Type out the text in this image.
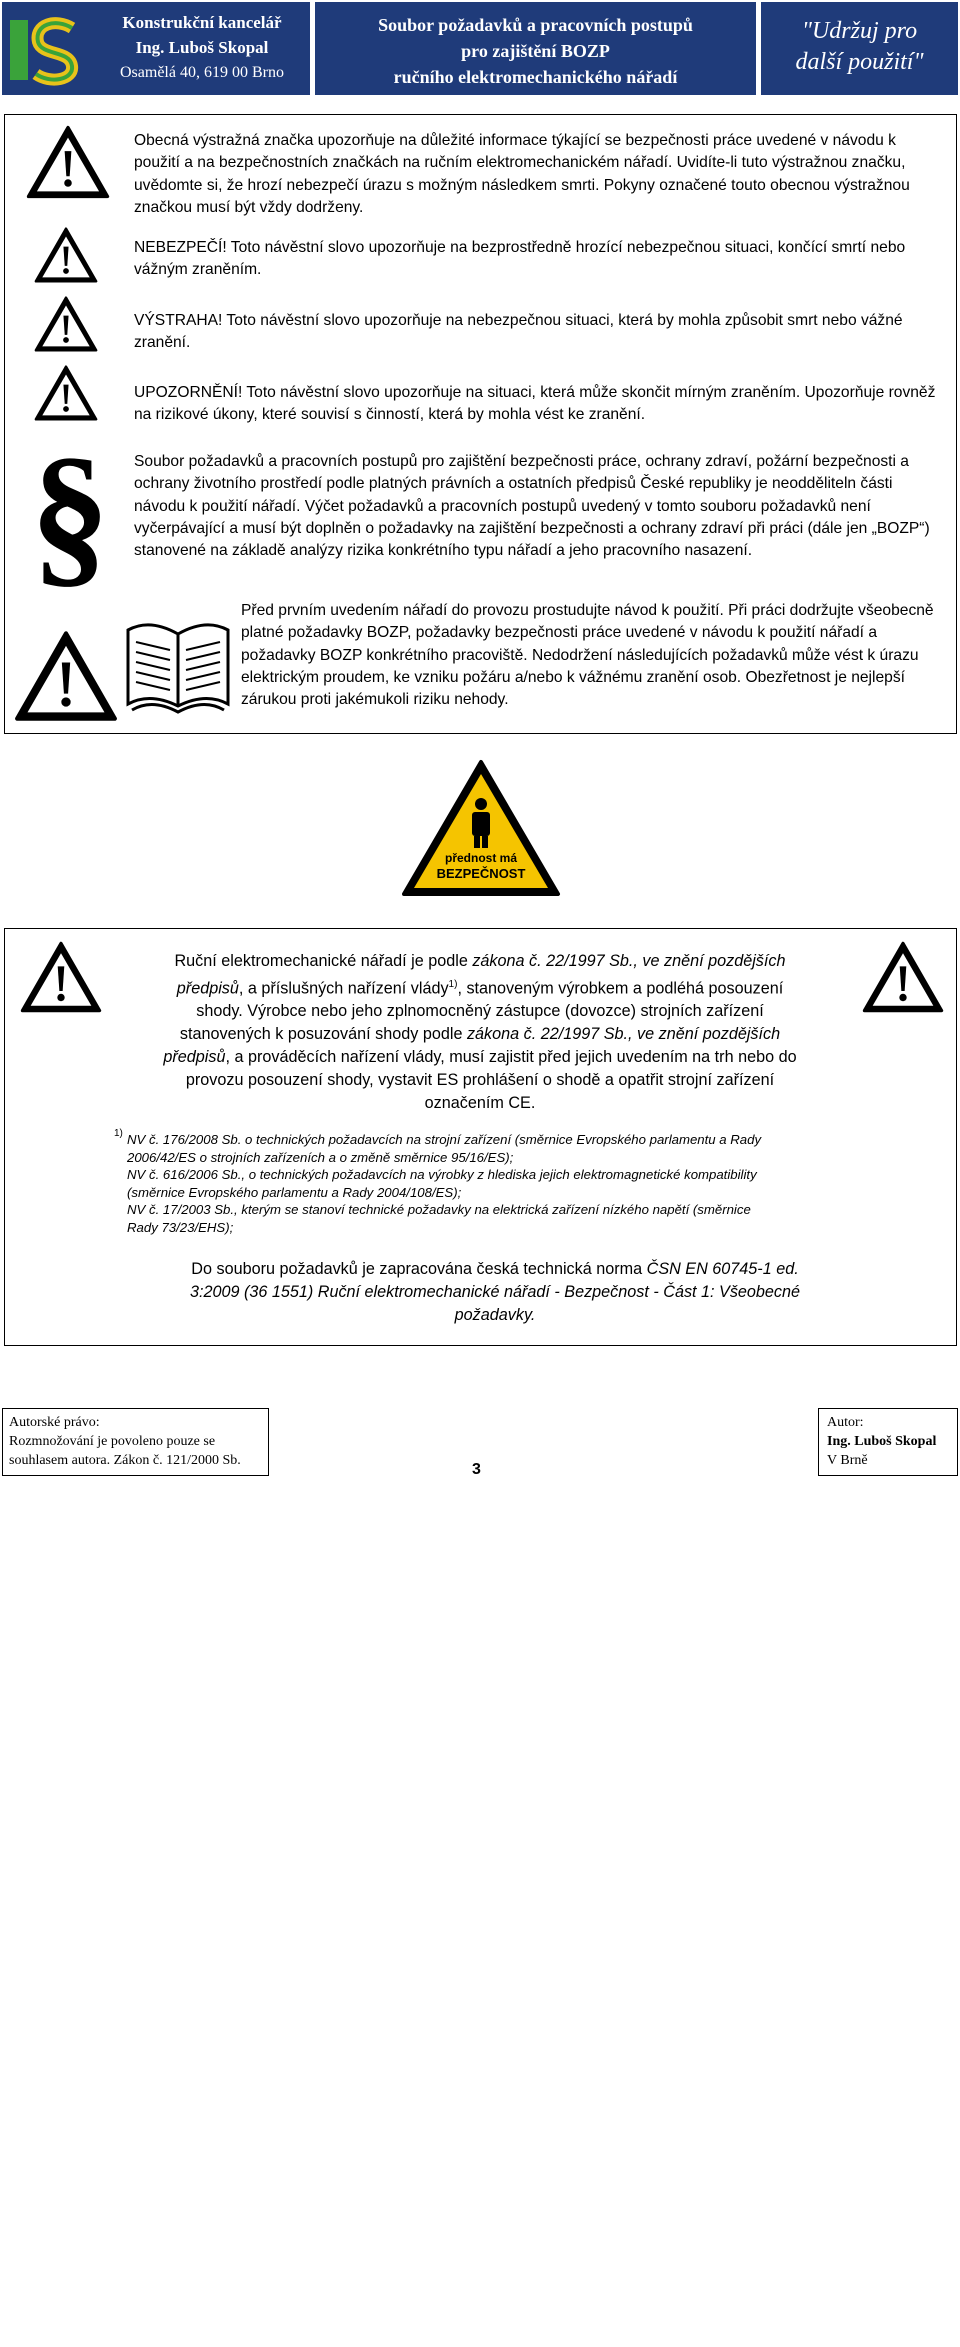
Konstrukční kancelář
Ing. Luboš Skopal
Osamělá 40, 619 00 Brno
Soubor požadavků a pracovních postupů
pro zajištění BOZP
ručního elektromechanického nářadí
"Udržuj pro
další použití"
§
Obecná výstražná značka upozorňuje na důležité informace týkající se bezpečnosti práce uvedené v návodu k použití a na bezpečnostních značkách na ručním elektromechanickém nářadí. Uvidíte-li tuto výstražnou značku, uvědomte si, že hrozí nebezpečí úrazu s možným následkem smrti. Pokyny označené touto obecnou výstražnou značkou musí být vždy dodrženy.
NEBEZPEČÍ! Toto návěstní slovo upozorňuje na bezprostředně hrozící nebezpečnou situaci, končící smrtí nebo vážným zraněním.
VÝSTRAHA! Toto návěstní slovo upozorňuje na nebezpečnou situaci, která by mohla způsobit smrt nebo vážné zranění.
UPOZORNĚNÍ! Toto návěstní slovo upozorňuje na situaci, která může skončit mírným zraněním. Upozorňuje rovněž na rizikové úkony, které souvisí s činností, která by mohla vést ke zranění.
Soubor požadavků a pracovních postupů pro zajištění bezpečnosti práce, ochrany zdraví, požární bezpečnosti a ochrany životního prostředí podle platných právních a ostatních předpisů České republiky je neodděliteln části návodu k použití nářadí. Výčet požadavků a pracovních postupů uvedený v tomto souboru požadavků není vyčerpávající a musí být doplněn o požadavky na zajištění bezpečnosti a ochrany zdraví při práci (dále jen „BOZP“) stanovené na základě analýzy rizika konkrétního typu nářadí a jeho pracovního nasazení.
Před prvním uvedením nářadí do provozu prostudujte návod k použití. Při práci dodržujte všeobecně platné požadavky BOZP, požadavky bezpečnosti práce uvedené v návodu k použití nářadí a požadavky BOZP konkrétního pracoviště. Nedodržení následujících požadavků může vést k úrazu elektrickým proudem, ke vzniku požáru a/nebo k vážnému zranění osob. Obezřetnost je nejlepší zárukou proti jakémukoli riziku nehody.
přednost má
BEZPEČNOST
Ruční elektromechanické nářadí je podle zákona č. 22/1997 Sb., ve znění pozdějších
předpisů, a příslušných nařízení vlády$^{1)}$, stanoveným výrobkem a podléhá posouzení
shody. Výrobce nebo jeho zplnomocněný zástupce (dovozce) strojních zařízení
stanovených k posuzování shody podle zákona č. 22/1997 Sb., ve znění pozdějších
předpisů, a prováděcích nařízení vlády, musí zajistit před jejich uvedením na trh nebo do
provozu posouzení shody, vystavit ES prohlášení o shodě a opatřit strojní zařízení
označením CE.
1) NV č. 176/2008 Sb. o technických požadavcích na strojní zařízení (směrnice Evropského parlamentu a Rady
2006/42/ES o strojních zařízeních a o změně směrnice 95/16/ES);
NV č. 616/2006 Sb., o technických požadavcích na výrobky z hlediska jejich elektromagnetické kompatibility
(směrnice Evropského parlamentu a Rady 2004/108/ES);
NV č. 17/2003 Sb., kterým se stanoví technické požadavky na elektrická zařízení nízkého napětí (směrnice
Rady 73/23/EHS);
Do souboru požadavků je zapracována česká technická norma ČSN EN 60745-1 ed.
3:2009 (36 1551) Ruční elektromechanické nářadí - Bezpečnost - Část 1: Všeobecné
požadavky.
Autorské právo:
Rozmnožování je povoleno pouze se
souhlasem autora. Zákon č. 121/2000 Sb.
3
Autor:
Ing. Luboš Skopal
V Brně
